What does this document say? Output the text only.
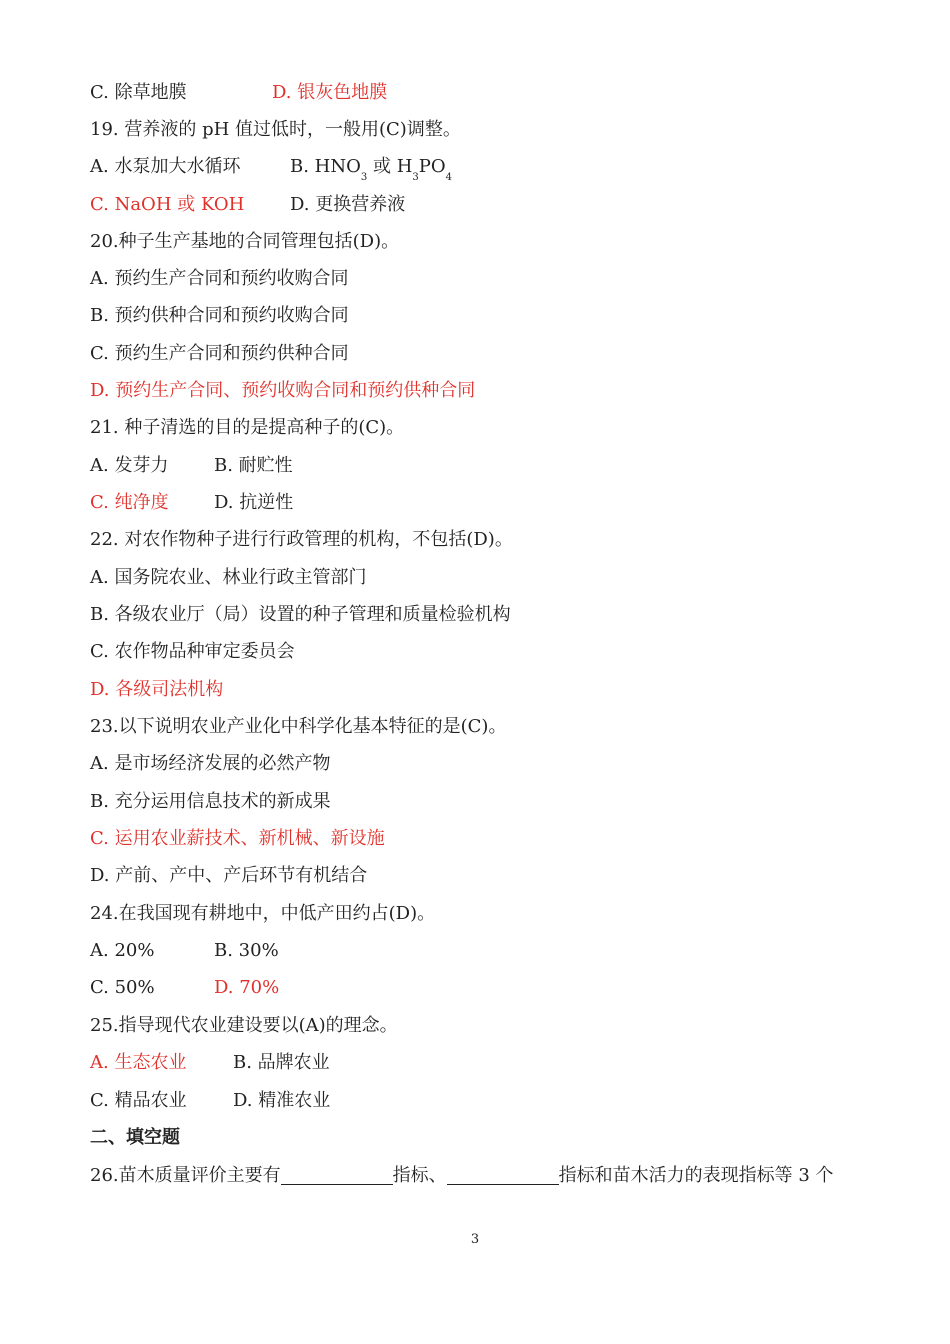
C. 除草地膜	D. 银灰色地膜
19. 营养液的 pH 值过低时，一般用(C)调整。
A. 水泵加大水循环	B. $HNO_3$ 或 $H_3PO_4$
C. NaOH 或 KOH	D. 更换营养液
20.种子生产基地的合同管理包括(D)。
A. 预约生产合同和预约收购合同
B. 预约供种合同和预约收购合同
C. 预约生产合同和预约供种合同
D. 预约生产合同、预约收购合同和预约供种合同
21. 种子清选的目的是提高种子的(C)。
A. 发芽力	B. 耐贮性
C. 纯净度	D. 抗逆性
22. 对农作物种子进行行政管理的机构，不包括(D)。
A. 国务院农业、林业行政主管部门
B. 各级农业厅（局）设置的种子管理和质量检验机构
C. 农作物品种审定委员会
D. 各级司法机构
23.以下说明农业产业化中科学化基本特征的是(C)。
A. 是市场经济发展的必然产物
B. 充分运用信息技术的新成果
C. 运用农业薪技术、新机械、新设施
D. 产前、产中、产后环节有机结合
24.在我国现有耕地中，中低产田约占(D)。
A. 20%	B. 30%
C. 50%	D. 70%
25.指导现代农业建设要以(A)的理念。
A. 生态农业	B. 品牌农业
C. 精品农业	D. 精准农业
二、填空题
26.苗木质量评价主要有	指标、	指标和苗木活力的表现指标等 3 个
3
